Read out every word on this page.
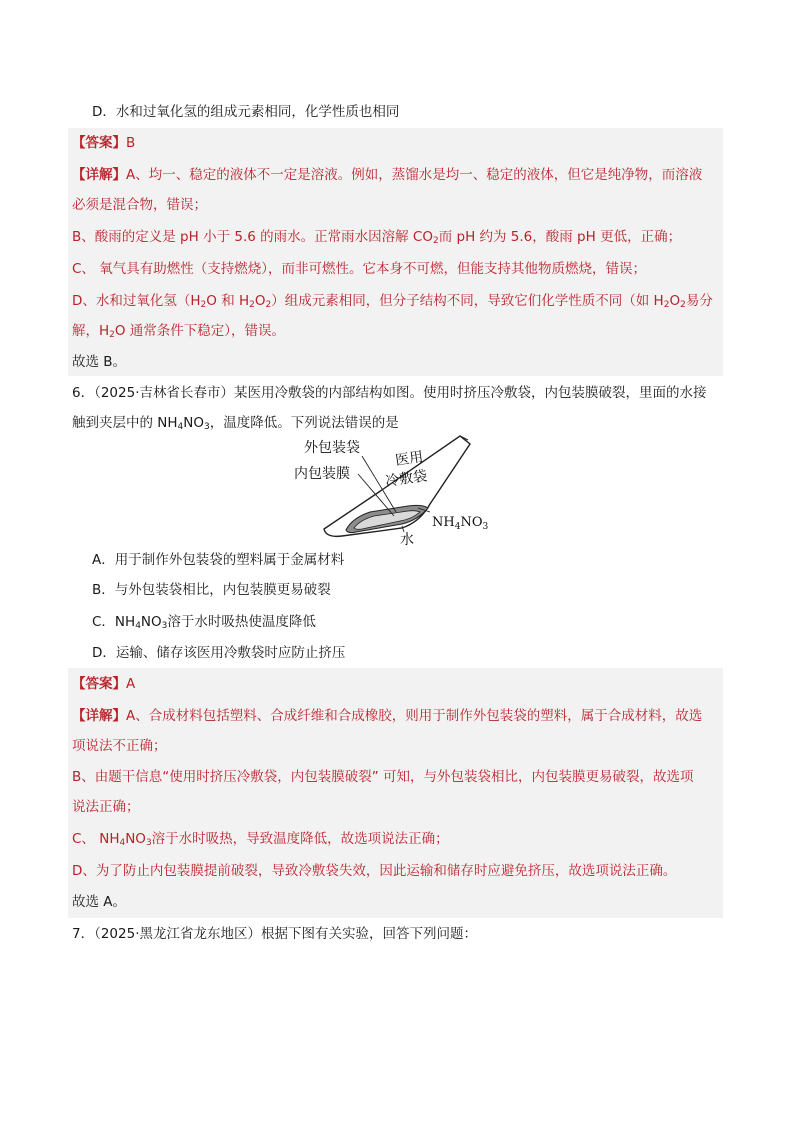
D．水和过氧化氢的组成元素相同，化学性质也相同
【答案】B
【详解】A、均一、稳定的液体不一定是溶液。例如，蒸馏水是均一、稳定的液体，但它是纯净物，而溶液
必须是混合物，错误；
B、酸雨的定义是 pH 小于 5.6 的雨水。正常雨水因溶解 $CO_2$而 pH 约为 5.6，酸雨 pH 更低，正确；
C、 氧气具有助燃性（支持燃烧），而非可燃性。它本身不可燃，但能支持其他物质燃烧，错误；
D、水和过氧化氢（$H_2O$ 和 $H_2O_2$）组成元素相同，但分子结构不同，导致它们化学性质不同（如 $H_2O_2$易分
解，$H_2O$ 通常条件下稳定），错误。
故选 B。
6．（2025·吉林省长春市）某医用冷敷袋的内部结构如图。使用时挤压冷敷袋，内包装膜破裂，里面的水接
触到夹层中的 $NH_4NO_3$，温度降低。下列说法错误的是
外包装袋
内包装膜
医用
冷敷袋
$NH_4NO_3$
水
A．用于制作外包装袋的塑料属于金属材料
B．与外包装袋相比，内包装膜更易破裂
C．$NH_4NO_3$溶于水时吸热使温度降低
D．运输、储存该医用冷敷袋时应防止挤压
【答案】A
【详解】A、合成材料包括塑料、合成纤维和合成橡胶，则用于制作外包装袋的塑料，属于合成材料，故选
项说法不正确；
B、由题干信息“使用时挤压冷敷袋，内包装膜破裂” 可知，与外包装袋相比，内包装膜更易破裂，故选项
说法正确；
C、 $NH_4NO_3$溶于水时吸热，导致温度降低，故选项说法正确；
D、为了防止内包装膜提前破裂，导致冷敷袋失效，因此运输和储存时应避免挤压，故选项说法正确。
故选 A。
7．（2025·黑龙江省龙东地区）根据下图有关实验，回答下列问题：
